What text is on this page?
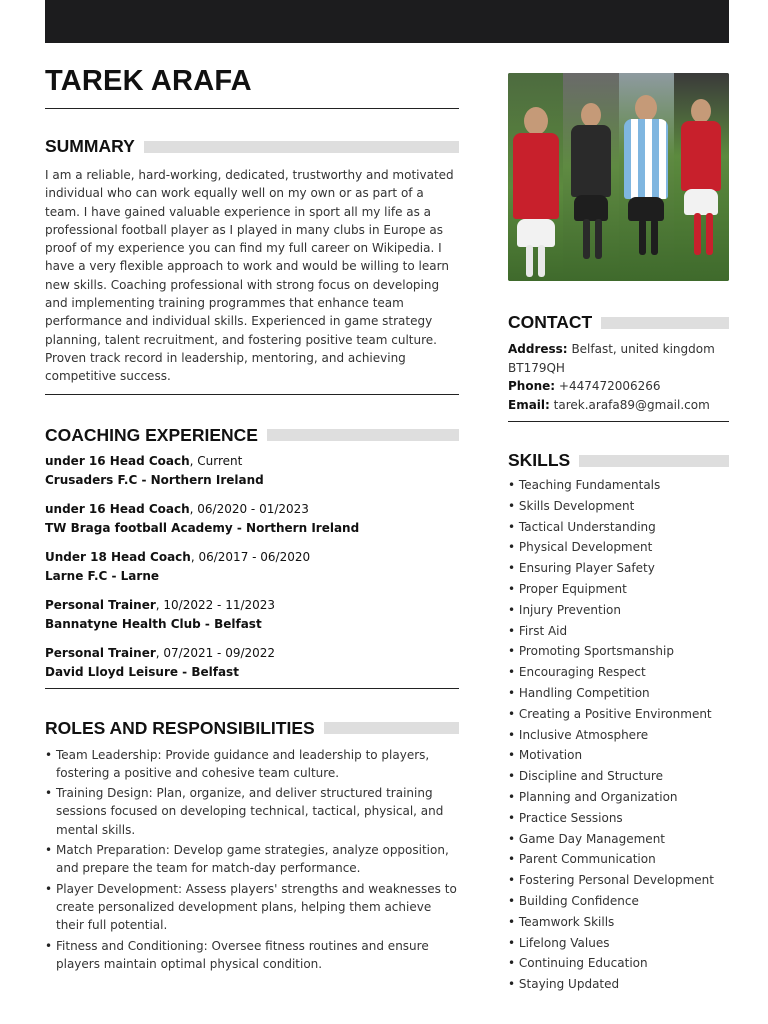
TAREK ARAFA
SUMMARY

I am a reliable, hard-working, dedicated, trustworthy and motivated individual who can work equally well on my own or as part of a team. I have gained valuable experience in sport all my life as a professional football player as I played in many clubs in Europe as proof of my experience you can find my full career on Wikipedia. I have a very flexible approach to work and would be willing to learn new skills. Coaching professional with strong focus on developing and implementing training programmes that enhance team performance and individual skills. Experienced in game strategy planning, talent recruitment, and fostering positive team culture. Proven track record in leadership, mentoring, and achieving competitive success.

COACHING EXPERIENCE
under 16 Head Coach, Current
Crusaders F.C - Northern Ireland
under 16 Head Coach, 06/2020 - 01/2023
TW Braga football Academy - Northern Ireland
Under 18 Head Coach, 06/2017 - 06/2020
Larne F.C - Larne
Personal Trainer, 10/2022 - 11/2023
Bannatyne Health Club - Belfast
Personal Trainer, 07/2021 - 09/2022
David Lloyd Leisure - Belfast
ROLES AND RESPONSIBILITIES
• Team Leadership: Provide guidance and leadership to players, fostering a positive and cohesive team culture.
• Training Design: Plan, organize, and deliver structured training sessions focused on developing technical, tactical, physical, and mental skills.
• Match Preparation: Develop game strategies, analyze opposition, and prepare the team for match-day performance.
• Player Development: Assess players' strengths and weaknesses to create personalized development plans, helping them achieve their full potential.
• Fitness and Conditioning: Oversee fitness routines and ensure players maintain optimal physical condition.
CONTACT
Address: Belfast, united kingdom BT179QH
Phone: +447472006266
Email: tarek.arafa89@gmail.com
SKILLS
• Teaching Fundamentals
• Skills Development
• Tactical Understanding
• Physical Development
• Ensuring Player Safety
• Proper Equipment
• Injury Prevention
• First Aid
• Promoting Sportsmanship
• Encouraging Respect
• Handling Competition
• Creating a Positive Environment
• Inclusive Atmosphere
• Motivation
• Discipline and Structure
• Planning and Organization
• Practice Sessions
• Game Day Management
• Parent Communication
• Fostering Personal Development
• Building Confidence
• Teamwork Skills
• Lifelong Values
• Continuing Education
• Staying Updated
